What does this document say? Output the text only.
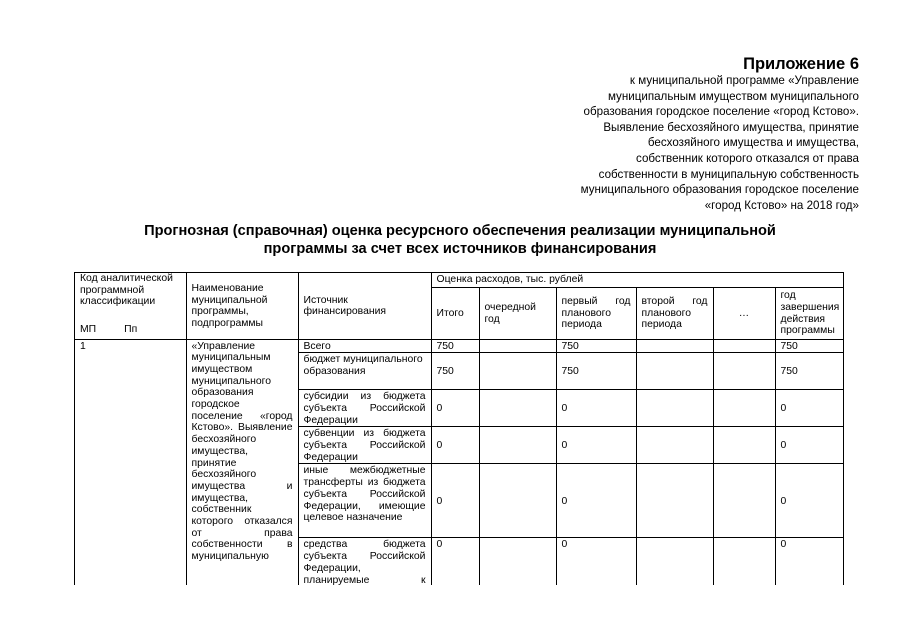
Приложение 6
к муниципальной программе «Управление
муниципальным имуществом муниципального
образования городское поселение «город Кстово».
Выявление бесхозяйного имущества, принятие
бесхозяйного имущества и имущества,
собственник которого отказался от права
собственности в муниципальную собственность
муниципального образования городское поселение
«город Кстово» на 2018 год»
Прогнозная (справочная) оценка ресурсного обеспечения реализации муниципальной
программы за счет всех источников финансирования
Код аналитической программной классификации
МП Пп	Наименование муниципальной программы, подпрограммы	Источник финансирования	Оценка расходов, тыс. рублей					
			Итого	очередной год	первый год планового периода	второй год планового периода	…	год завершения действия программы
1	«Управление муниципальным имуществом муниципального образования городское поселение «город Кстово». Выявление бесхозяйного имущества, принятие бесхозяйного имущества и имущества, собственник которого отказался от права собственности в муниципальную	Всего	750		750			750
		бюджет муниципального образования	750		750			750
		субсидии из бюджета субъекта Российской Федерации	0		0			0
		субвенции из бюджета субъекта Российской Федерации	0		0			0
		иные межбюджетные трансферты из бюджета субъекта Российской Федерации, имеющие целевое назначение	0		0			0
		средства бюджета субъекта Российской Федерации, планируемые к	0		0			0
